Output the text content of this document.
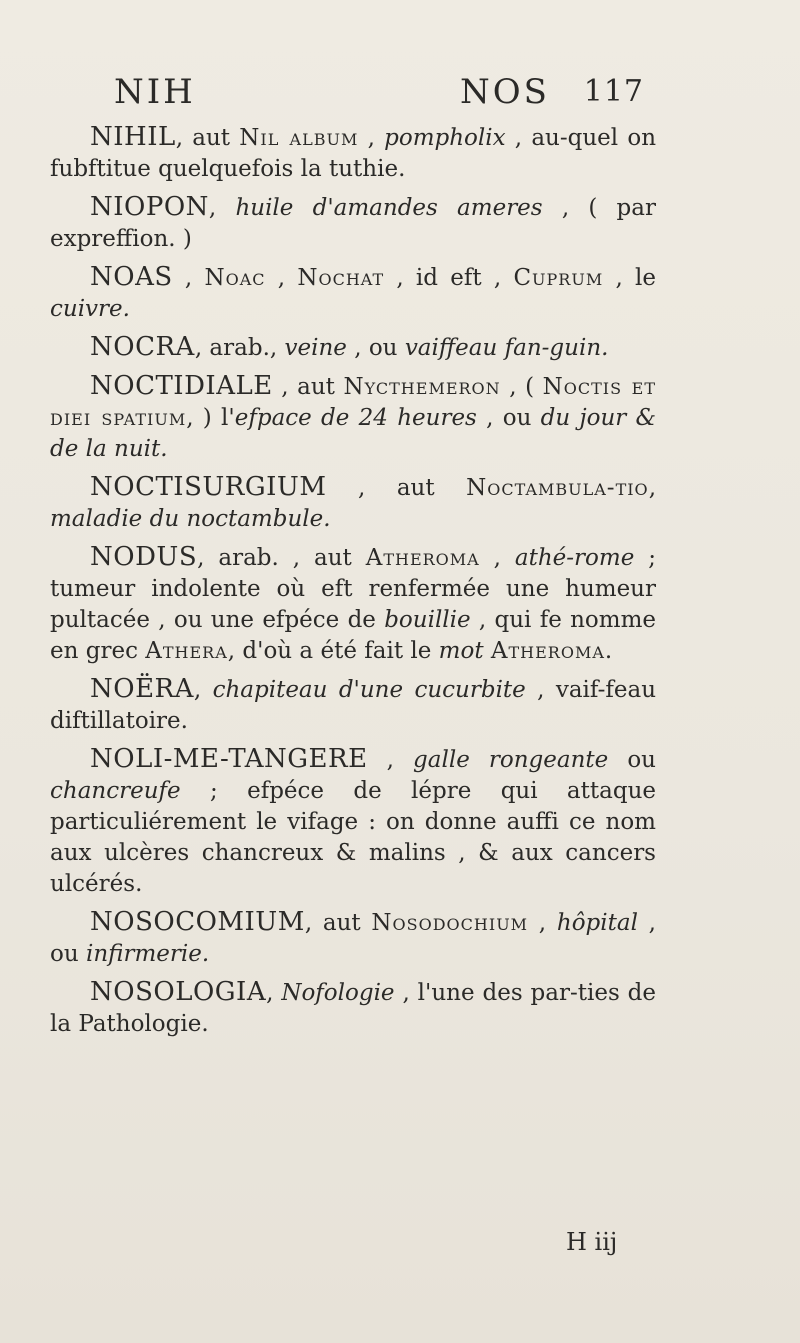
NIH	NOS 117

NIHIL, aut Nil album , pompholix , au-quel on fubftitue quelquefois la tuthie.

NIOPON, huile d'amandes ameres , ( par expreffion. )

NOAS , Noac , Nochat , id eft , Cuprum , le cuivre.

NOCRA, arab., veine , ou vaiffeau fan-guin.

NOCTIDIALE , aut Nycthemeron , ( Noctis et diei spatium, ) l'efpace de 24 heures , ou du jour & de la nuit.

NOCTISURGIUM , aut Noctambula-tio, maladie du noctambule.

NODUS, arab. , aut Atheroma , athé-rome ; tumeur indolente où eft renfermée une humeur pultacée , ou une efpéce de bouillie , qui fe nomme en grec Athera, d'où a été fait le mot Atheroma.

NOËRA, chapiteau d'une cucurbite , vaif-feau diftillatoire.

NOLI-ME-TANGERE , galle rongeante ou chancreufe ; efpéce de lépre qui attaque particuliérement le vifage : on donne auffi ce nom aux ulcères chancreux & malins , & aux cancers ulcérés.

NOSOCOMIUM, aut Nosodochium , hôpital , ou infirmerie.

NOSOLOGIA, Nofologie , l'une des par-ties de la Pathologie.

H iij
